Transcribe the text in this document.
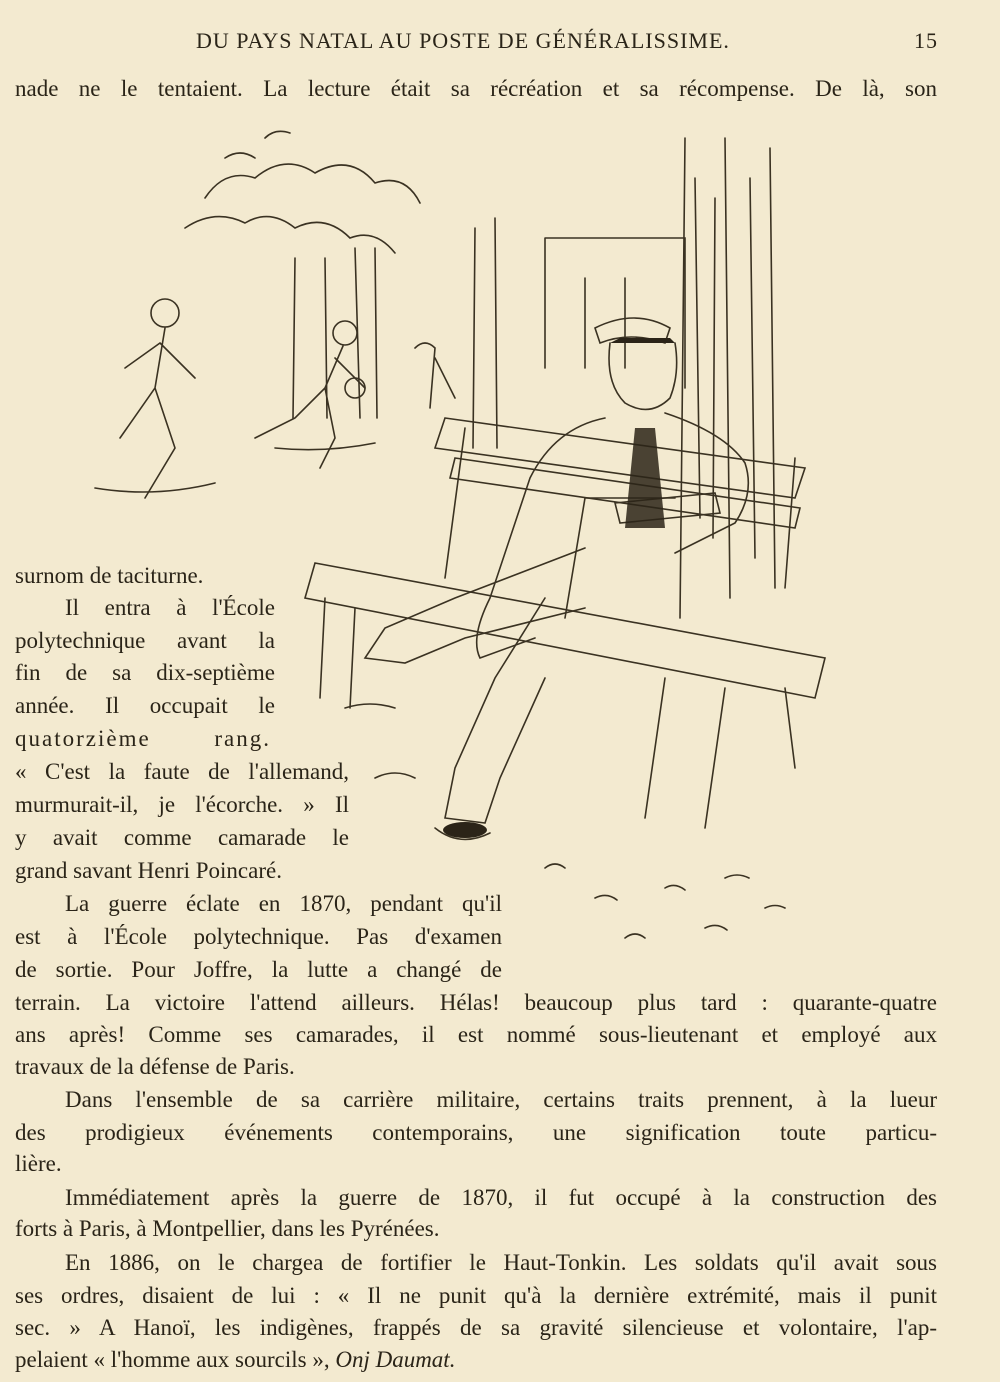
DU PAYS NATAL AU POSTE DE GÉNÉRALISSIME.	15
nade ne le tentaient. La lecture était sa récréation et sa récompense. De là, son
surnom de taciturne.
Il entra à l'École
polytechnique avant la
fin de sa dix-septième
année. Il occupait le
quatorzième rang.
« C'est la faute de l'allemand,
murmurait-il, je l'écorche. » Il
y avait comme camarade le
grand savant Henri Poincaré.
La guerre éclate en 1870, pendant qu'il
est à l'École polytechnique. Pas d'examen
de sortie. Pour Joffre, la lutte a changé de
terrain. La victoire l'attend ailleurs. Hélas! beaucoup plus tard : quarante-quatre
ans après! Comme ses camarades, il est nommé sous-lieutenant et employé aux
travaux de la défense de Paris.
Dans l'ensemble de sa carrière militaire, certains traits prennent, à la lueur
des prodigieux événements contemporains, une signification toute particu-
lière.
Immédiatement après la guerre de 1870, il fut occupé à la construction des
forts à Paris, à Montpellier, dans les Pyrénées.
En 1886, on le chargea de fortifier le Haut-Tonkin. Les soldats qu'il avait sous
ses ordres, disaient de lui : « Il ne punit qu'à la dernière extrémité, mais il punit
sec. » A Hanoï, les indigènes, frappés de sa gravité silencieuse et volontaire, l'ap-
pelaient « l'homme aux sourcils », Onj Daumat.
